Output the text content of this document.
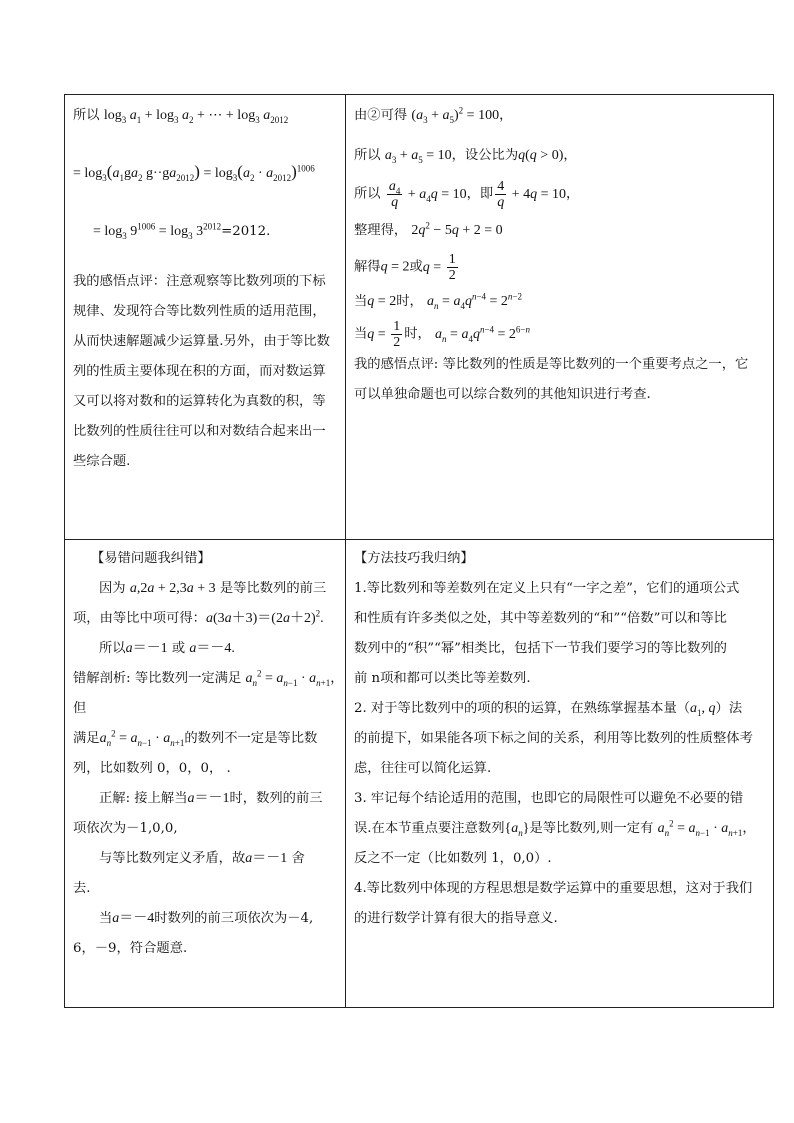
所以 $\log_3 a_1 + \log_3 a_2$ + ⋯ + $\log_3 a_{2012}$
= $\log_3(a_1ga_2$ $g\cdot\cdot ga_{2012}) = \log_3(a_2 \cdot a_{2012})^{1006}$
= $\log_3 9^{1006} = \log_3 3^{2012}=2012$.
我的感悟点评：注意观察等比数列项的下标
规律、发现符合等比数列性质的适用范围，
从而快速解题减少运算量.另外，由于等比数
列的性质主要体现在积的方面，而对数运算
又可以将对数和的运算转化为真数的积，等
比数列的性质往往可以和对数结合起来出一
些综合题.
由②可得 $(a_3 + a_5)^2 = 100$，
所以 $a_3 + a_5 = 10$，设公比为q(q > 0)，
所以 $\frac{a_4}{q} + a_4q = 10$，即 $\frac{4}{q} + 4q = 10$，
整理得， $2q^2 - 5q + 2 = 0$
解得q = 2或$q = \frac{1}{2}$
当q = 2时， $a_n = a_4q^{n-4} = 2^{n-2}$
当$q = \frac{1}{2}$ 时， $a_n = a_4q^{n-4} = 2^{6-n}$
我的感悟点评: 等比数列的性质是等比数列的一个重要考点之一，它
可以单独命题也可以综合数列的其他知识进行考查.
【易错问题我纠错】
因为 a,2a + 2,3a + 3 是等比数列的前三
项，由等比中项可得：$a(3a+3)=(2a+2)^2$.
所以a＝－1 或 a＝－4.
错解剖析: 等比数列一定满足 $a_n^2 = a_{n-1} \cdot a_{n+1}$，
但
满足$a_n^2 = a_{n-1} \cdot a_{n+1}$的数列不一定是等比数
列，比如数列 0，0，0， .
正解: 接上解当a＝－1时，数列的前三
项依次为－1,0,0,
与等比数列定义矛盾，故a＝－1 舍
去.
当a＝－4时数列的前三项依次为－4,
6，－9，符合题意.
【方法技巧我归纳】
1.等比数列和等差数列在定义上只有“一字之差”，它们的通项公式
和性质有许多类似之处，其中等差数列的“和”“倍数”可以和等比
数列中的“积”“幂”相类比，包括下一节我们要学习的等比数列的
前 n项和都可以类比等差数列.
2. 对于等比数列中的项的积的运算，在熟练掌握基本量（$a_1$, q）法
的前提下，如果能各项下标之间的关系，利用等比数列的性质整体考
虑，往往可以简化运算.
3. 牢记每个结论适用的范围，也即它的局限性可以避免不必要的错
误.在本节重点要注意数列$\{a_n\}$是等比数列,则一定有 $a_n^2 = a_{n-1} \cdot a_{n+1}$，
反之不一定（比如数列 1，0,0）.
4.等比数列中体现的方程思想是数学运算中的重要思想，这对于我们
的进行数学计算有很大的指导意义.
